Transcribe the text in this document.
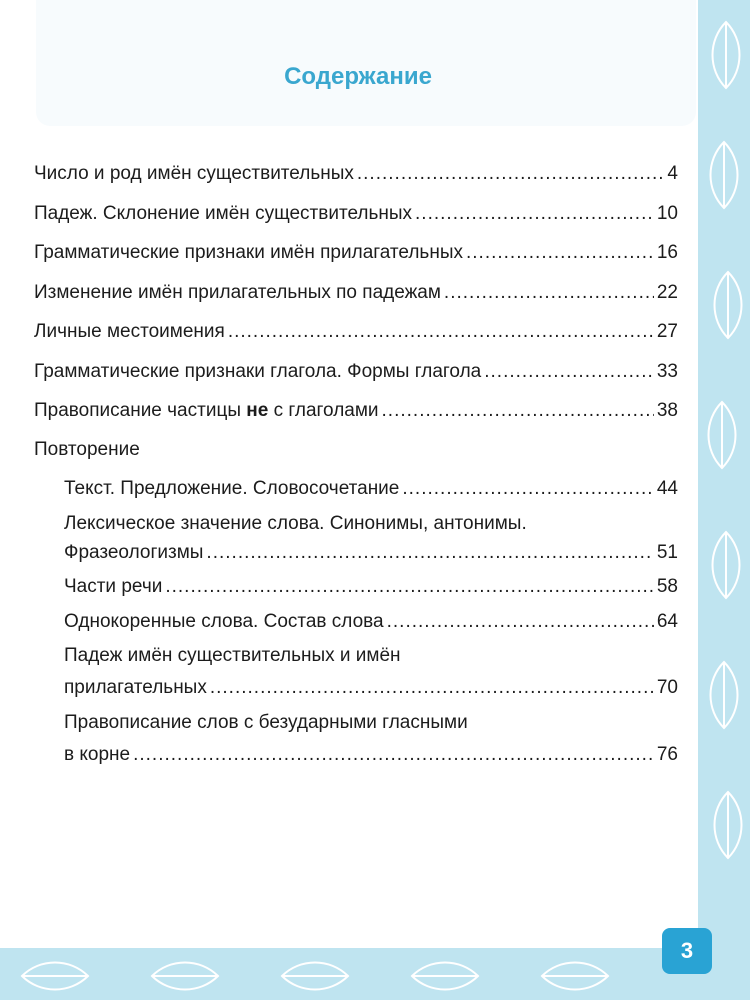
Содержание
Число и род имён существительных .....	4
Падеж. Склонение имён существительных .....	10
Грамматические признаки имён прилагательных .....	16
Изменение имён прилагательных по падежам .....	22
Личные местоимения .....	27
Грамматические признаки глагола. Формы глагола .....	33
Правописание частицы не с глаголами .....	38
Повторение
Текст. Предложение. Словосочетание .....	44
Лексическое значение слова. Синонимы, антонимы.
Фразеологизмы .....	51
Части речи .....	58
Однокоренные слова. Состав слова .....	64
Падеж имён существительных и имён
прилагательных .....	70
Правописание слов с безударными гласными
в корне .....	76
3
